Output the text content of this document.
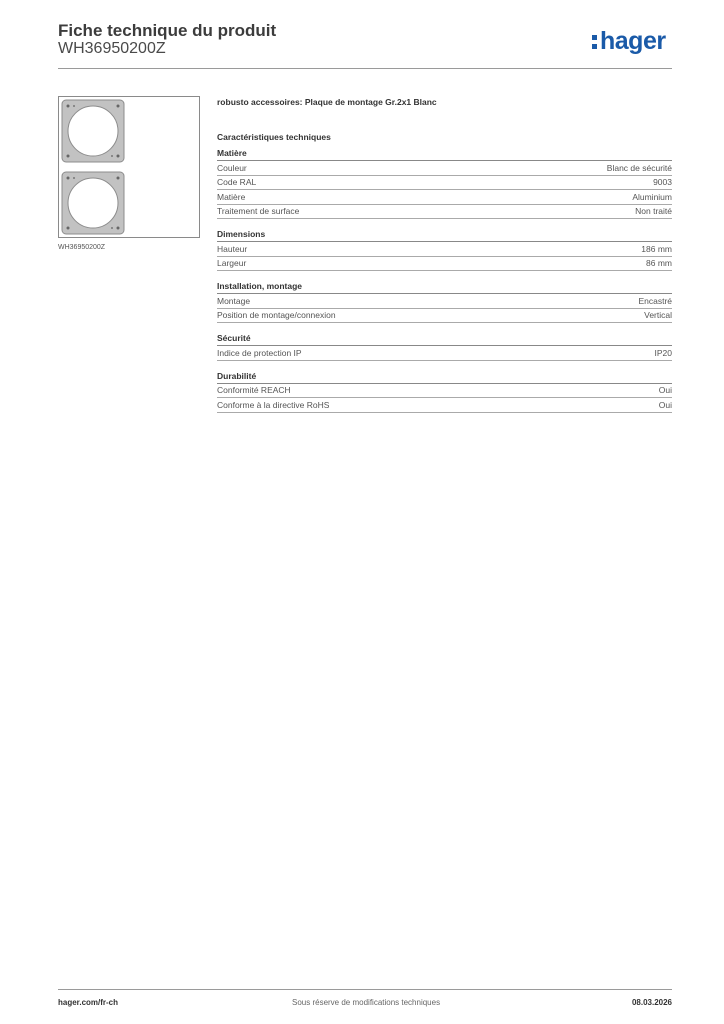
Fiche technique du produit
WH36950200Z	hager
WH36950200Z
robusto accessoires: Plaque de montage Gr.2x1 Blanc
Caractéristiques techniques
Matière
Couleur	Blanc de sécurité
Code RAL	9003
Matière	Aluminium
Traitement de surface	Non traité
Dimensions
Hauteur	186 mm
Largeur	86 mm
Installation, montage
Montage	Encastré
Position de montage/connexion	Vertical
Sécurité
Indice de protection IP	IP20
Durabilité
Conformité REACH	Oui
Conforme à la directive RoHS	Oui
hager.com/fr-ch	Sous réserve de modifications techniques	08.03.2026
